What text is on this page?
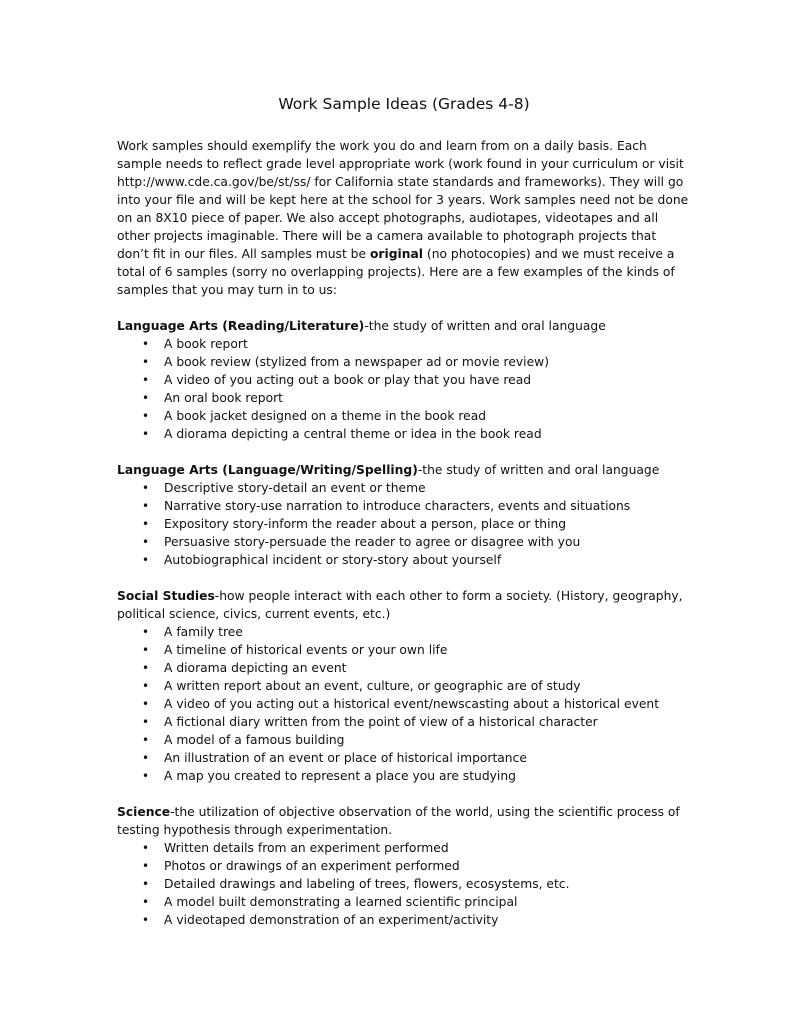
Work Sample Ideas (Grades 4-8)

Work samples should exemplify the work you do and learn from on a daily basis. Each sample needs to reflect grade level appropriate work (work found in your curriculum or visit http://www.cde.ca.gov/be/st/ss/ for California state standards and frameworks). They will go into your file and will be kept here at the school for 3 years. Work samples need not be done on an 8X10 piece of paper. We also accept photographs, audiotapes, videotapes and all other projects imaginable. There will be a camera available to photograph projects that don’t fit in our files. All samples must be original (no photocopies) and we must receive a total of 6 samples (sorry no overlapping projects). Here are a few examples of the kinds of samples that you may turn in to us:

Language Arts (Reading/Literature)-the study of written and oral language

• A book report
• A book review (stylized from a newspaper ad or movie review)
• A video of you acting out a book or play that you have read
• An oral book report
• A book jacket designed on a theme in the book read
• A diorama depicting a central theme or idea in the book read

Language Arts (Language/Writing/Spelling)-the study of written and oral language

• Descriptive story-detail an event or theme
• Narrative story-use narration to introduce characters, events and situations
• Expository story-inform the reader about a person, place or thing
• Persuasive story-persuade the reader to agree or disagree with you
• Autobiographical incident or story-story about yourself

Social Studies-how people interact with each other to form a society. (History, geography, political science, civics, current events, etc.)

• A family tree
• A timeline of historical events or your own life
• A diorama depicting an event
• A written report about an event, culture, or geographic are of study
• A video of you acting out a historical event/newscasting about a historical event
• A fictional diary written from the point of view of a historical character
• A model of a famous building
• An illustration of an event or place of historical importance
• A map you created to represent a place you are studying

Science-the utilization of objective observation of the world, using the scientific process of testing hypothesis through experimentation.

• Written details from an experiment performed
• Photos or drawings of an experiment performed
• Detailed drawings and labeling of trees, flowers, ecosystems, etc.
• A model built demonstrating a learned scientific principal
• A videotaped demonstration of an experiment/activity
